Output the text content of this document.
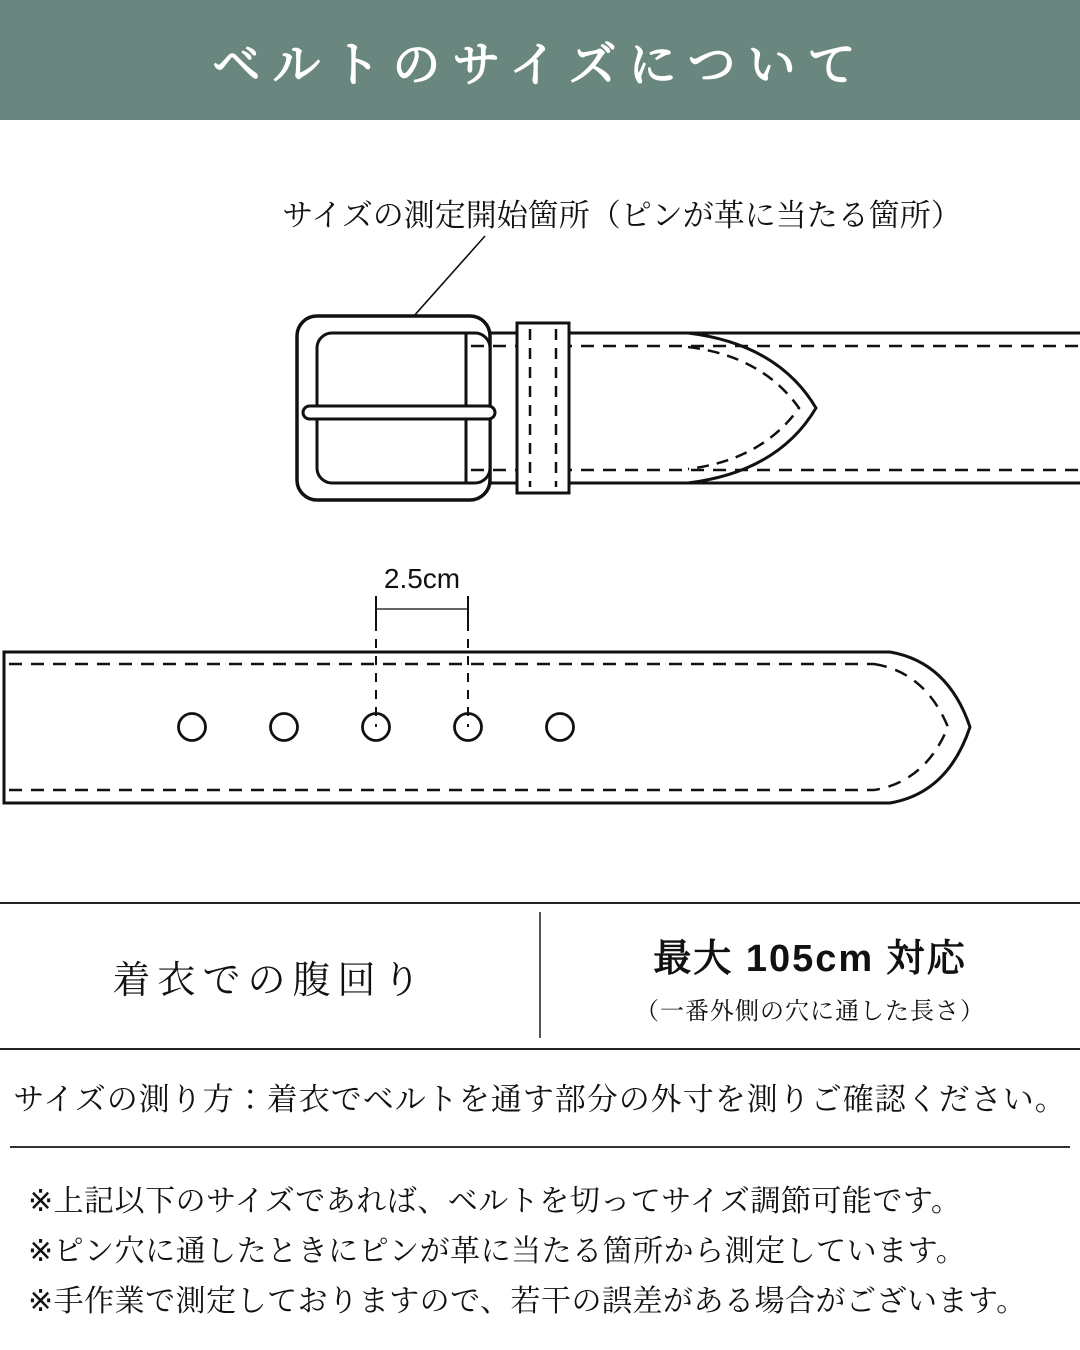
ベルトのサイズについて
サイズの測定開始箇所（ピンが革に当たる箇所）
2.5cm
着衣での腹回り
最大 105cm 対応
（一番外側の穴に通した長さ）
サイズの測り方：着衣でベルトを通す部分の外寸を測りご確認ください。
※上記以下のサイズであれば、ベルトを切ってサイズ調節可能です。
※ピン穴に通したときにピンが革に当たる箇所から測定しています。
※手作業で測定しておりますので、若干の誤差がある場合がございます。
